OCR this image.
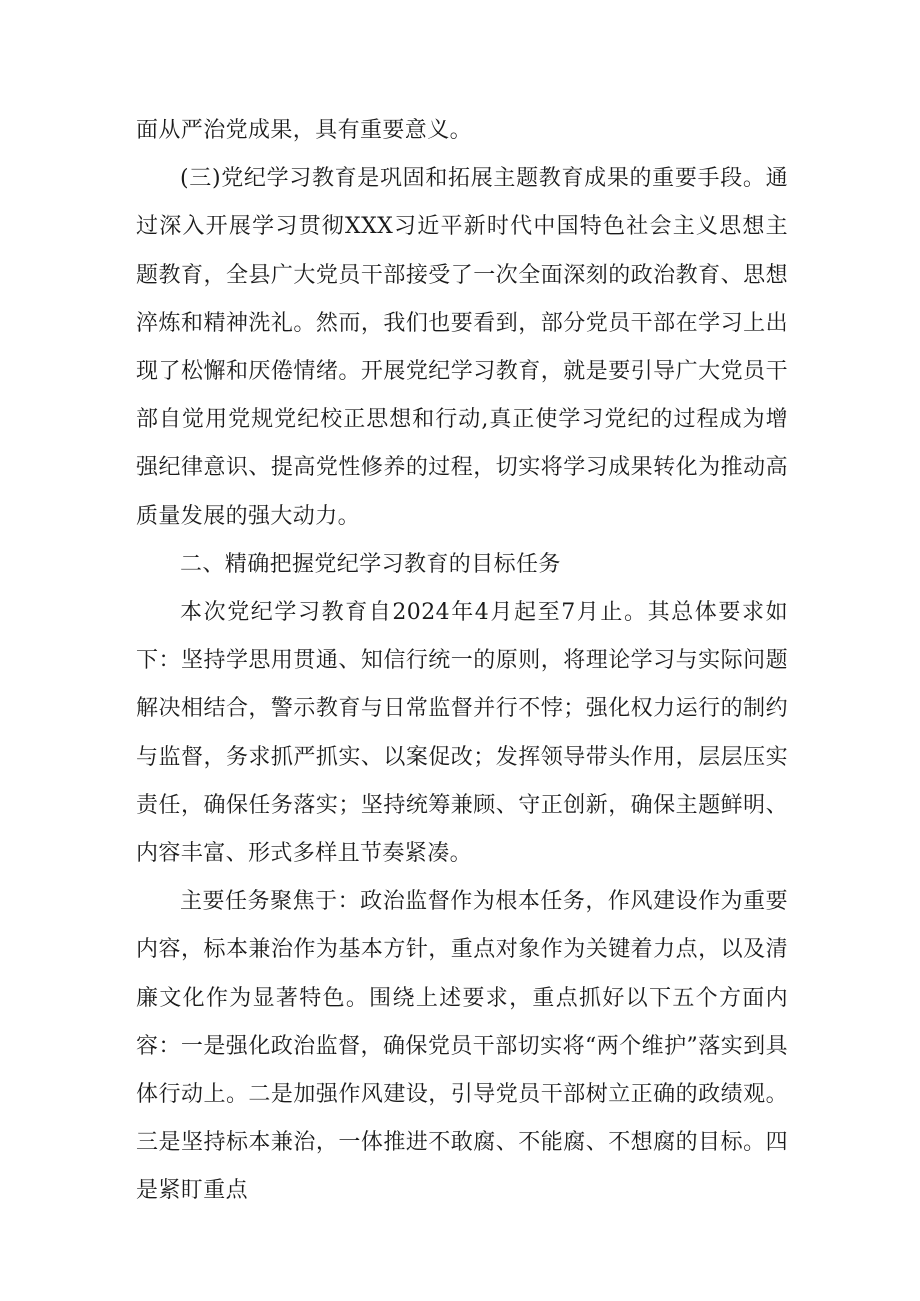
面从严治党成果，具有重要意义。

(三)党纪学习教育是巩固和拓展主题教育成果的重要手段。通过深入开展学习贯彻XXX习近平新时代中国特色社会主义思想主题教育，全县广大党员干部接受了一次全面深刻的政治教育、思想淬炼和精神洗礼。然而，我们也要看到，部分党员干部在学习上出现了松懈和厌倦情绪。开展党纪学习教育，就是要引导广大党员干部自觉用党规党纪校正思想和行动,真正使学习党纪的过程成为增强纪律意识、提高党性修养的过程，切实将学习成果转化为推动高质量发展的强大动力。

二、精确把握党纪学习教育的目标任务

本次党纪学习教育自2024年4月起至7月止。其总体要求如下：坚持学思用贯通、知信行统一的原则，将理论学习与实际问题解决相结合，警示教育与日常监督并行不悖；强化权力运行的制约与监督，务求抓严抓实、以案促改；发挥领导带头作用，层层压实责任，确保任务落实；坚持统筹兼顾、守正创新，确保主题鲜明、内容丰富、形式多样且节奏紧凑。

主要任务聚焦于：政治监督作为根本任务，作风建设作为重要内容，标本兼治作为基本方针，重点对象作为关键着力点，以及清廉文化作为显著特色。围绕上述要求，重点抓好以下五个方面内容：一是强化政治监督，确保党员干部切实将“两个维护”落实到具体行动上。二是加强作风建设，引导党员干部树立正确的政绩观。三是坚持标本兼治，一体推进不敢腐、不能腐、不想腐的目标。四是紧盯重点
